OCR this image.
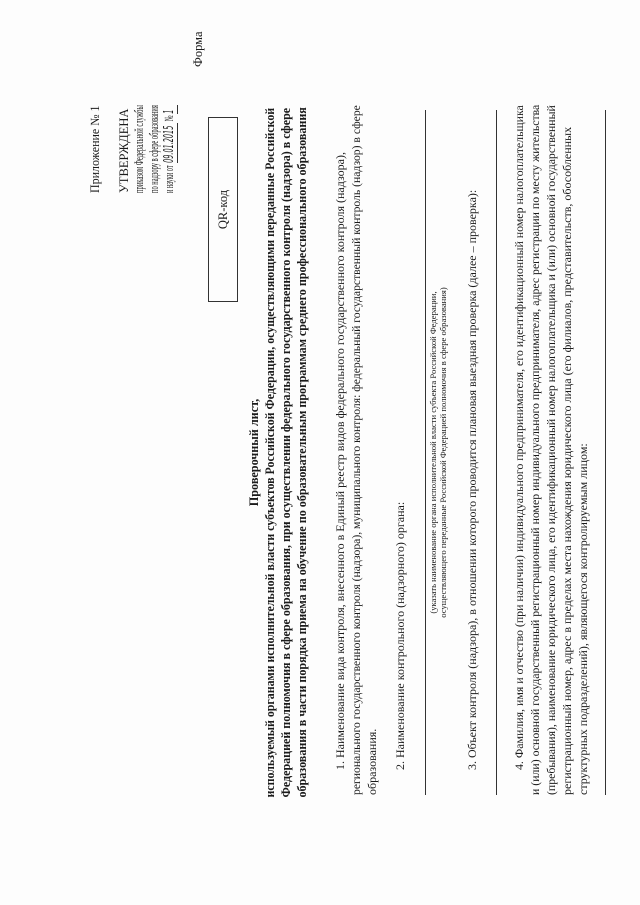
Приложение № 1 УТВЕРЖДЕНА приказом Федеральной службы по надзору в сфере образования и науки от 09.01.2015 № 1
Форма
QR-код
Проверочный лист, используемый органами исполнительной власти субъектов Российской Федерации, осуществляющими переданные Российской Федерацией полномочия в сфере образования, при осуществлении федерального государственного контроля (надзора) в сфере образования в части порядка приема на обучение по образовательным программам среднего профессионального образования 1. Наименование вида контроля, внесенного в Единый реестр видов федерального государственного контроля (надзора), регионального государственного контроля (надзора), муниципального контроля: федеральный государственный контроль (надзор) в сфере образования. 2. Наименование контрольного (надзорного) органа:
(указать наименование органа исполнительной власти субъекта Российской Федерации, осуществляющего переданные Российской Федерацией полномочия в сфере образования) 3. Объект контроля (надзора), в отношении которого проводится плановая выездная проверка (далее – проверка):	4. Фамилия, имя и отчество (при наличии) индивидуального предпринимателя, его идентификационный номер налогоплательщика и (или) основной государственный регистрационный номер индивидуального предпринимателя, адрес регистрации по месту жительства (пребывания), наименование юридического лица, его идентификационный номер налогоплательщика и (или) основной государственный регистрационный номер, адрес в пределах места нахождения юридического лица (его филиалов, представительств, обособленных структурных подразделений), являющегося контролируемым лицом:
